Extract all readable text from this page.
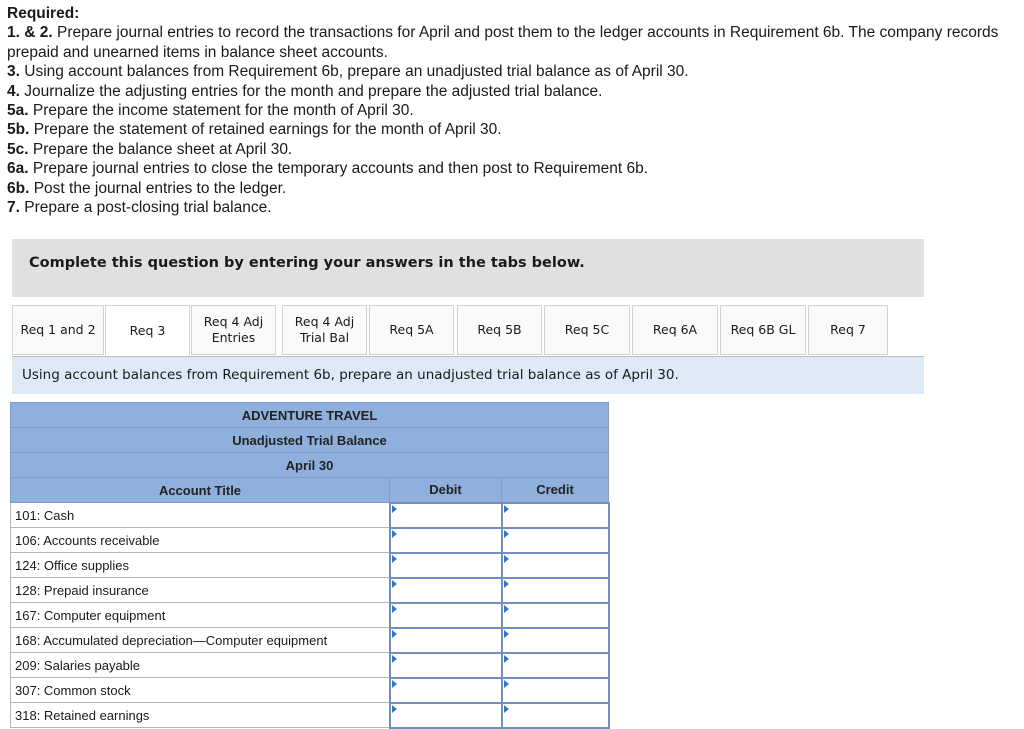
Required:

1. & 2. Prepare journal entries to record the transactions for April and post them to the ledger accounts in Requirement 6b. The company records prepaid and unearned items in balance sheet accounts.

3. Using account balances from Requirement 6b, prepare an unadjusted trial balance as of April 30.

4. Journalize the adjusting entries for the month and prepare the adjusted trial balance.

5a. Prepare the income statement for the month of April 30.

5b. Prepare the statement of retained earnings for the month of April 30.

5c. Prepare the balance sheet at April 30.

6a. Prepare journal entries to close the temporary accounts and then post to Requirement 6b.

6b. Post the journal entries to the ledger.

7. Prepare a post-closing trial balance.

Complete this question by entering your answers in the tabs below.
Req 1 and 2	Req 3
Req 4 Adj Entries
Req 4 Adj Trial Bal
Req 5A	Req 5B	Req 5C	Req 6A	Req 6B GL	Req 7
Using account balances from Requirement 6b, prepare an unadjusted trial balance as of April 30.
ADVENTURE TRAVEL		
Unadjusted Trial Balance		
April 30		
Account Title	Debit	Credit
101: Cash	

106: Accounts receivable	

124: Office supplies	

128: Prepaid insurance	

167: Computer equipment	

168: Accumulated depreciation—Computer equipment	

209: Salaries payable	

307: Common stock	

318: Retained earnings	
